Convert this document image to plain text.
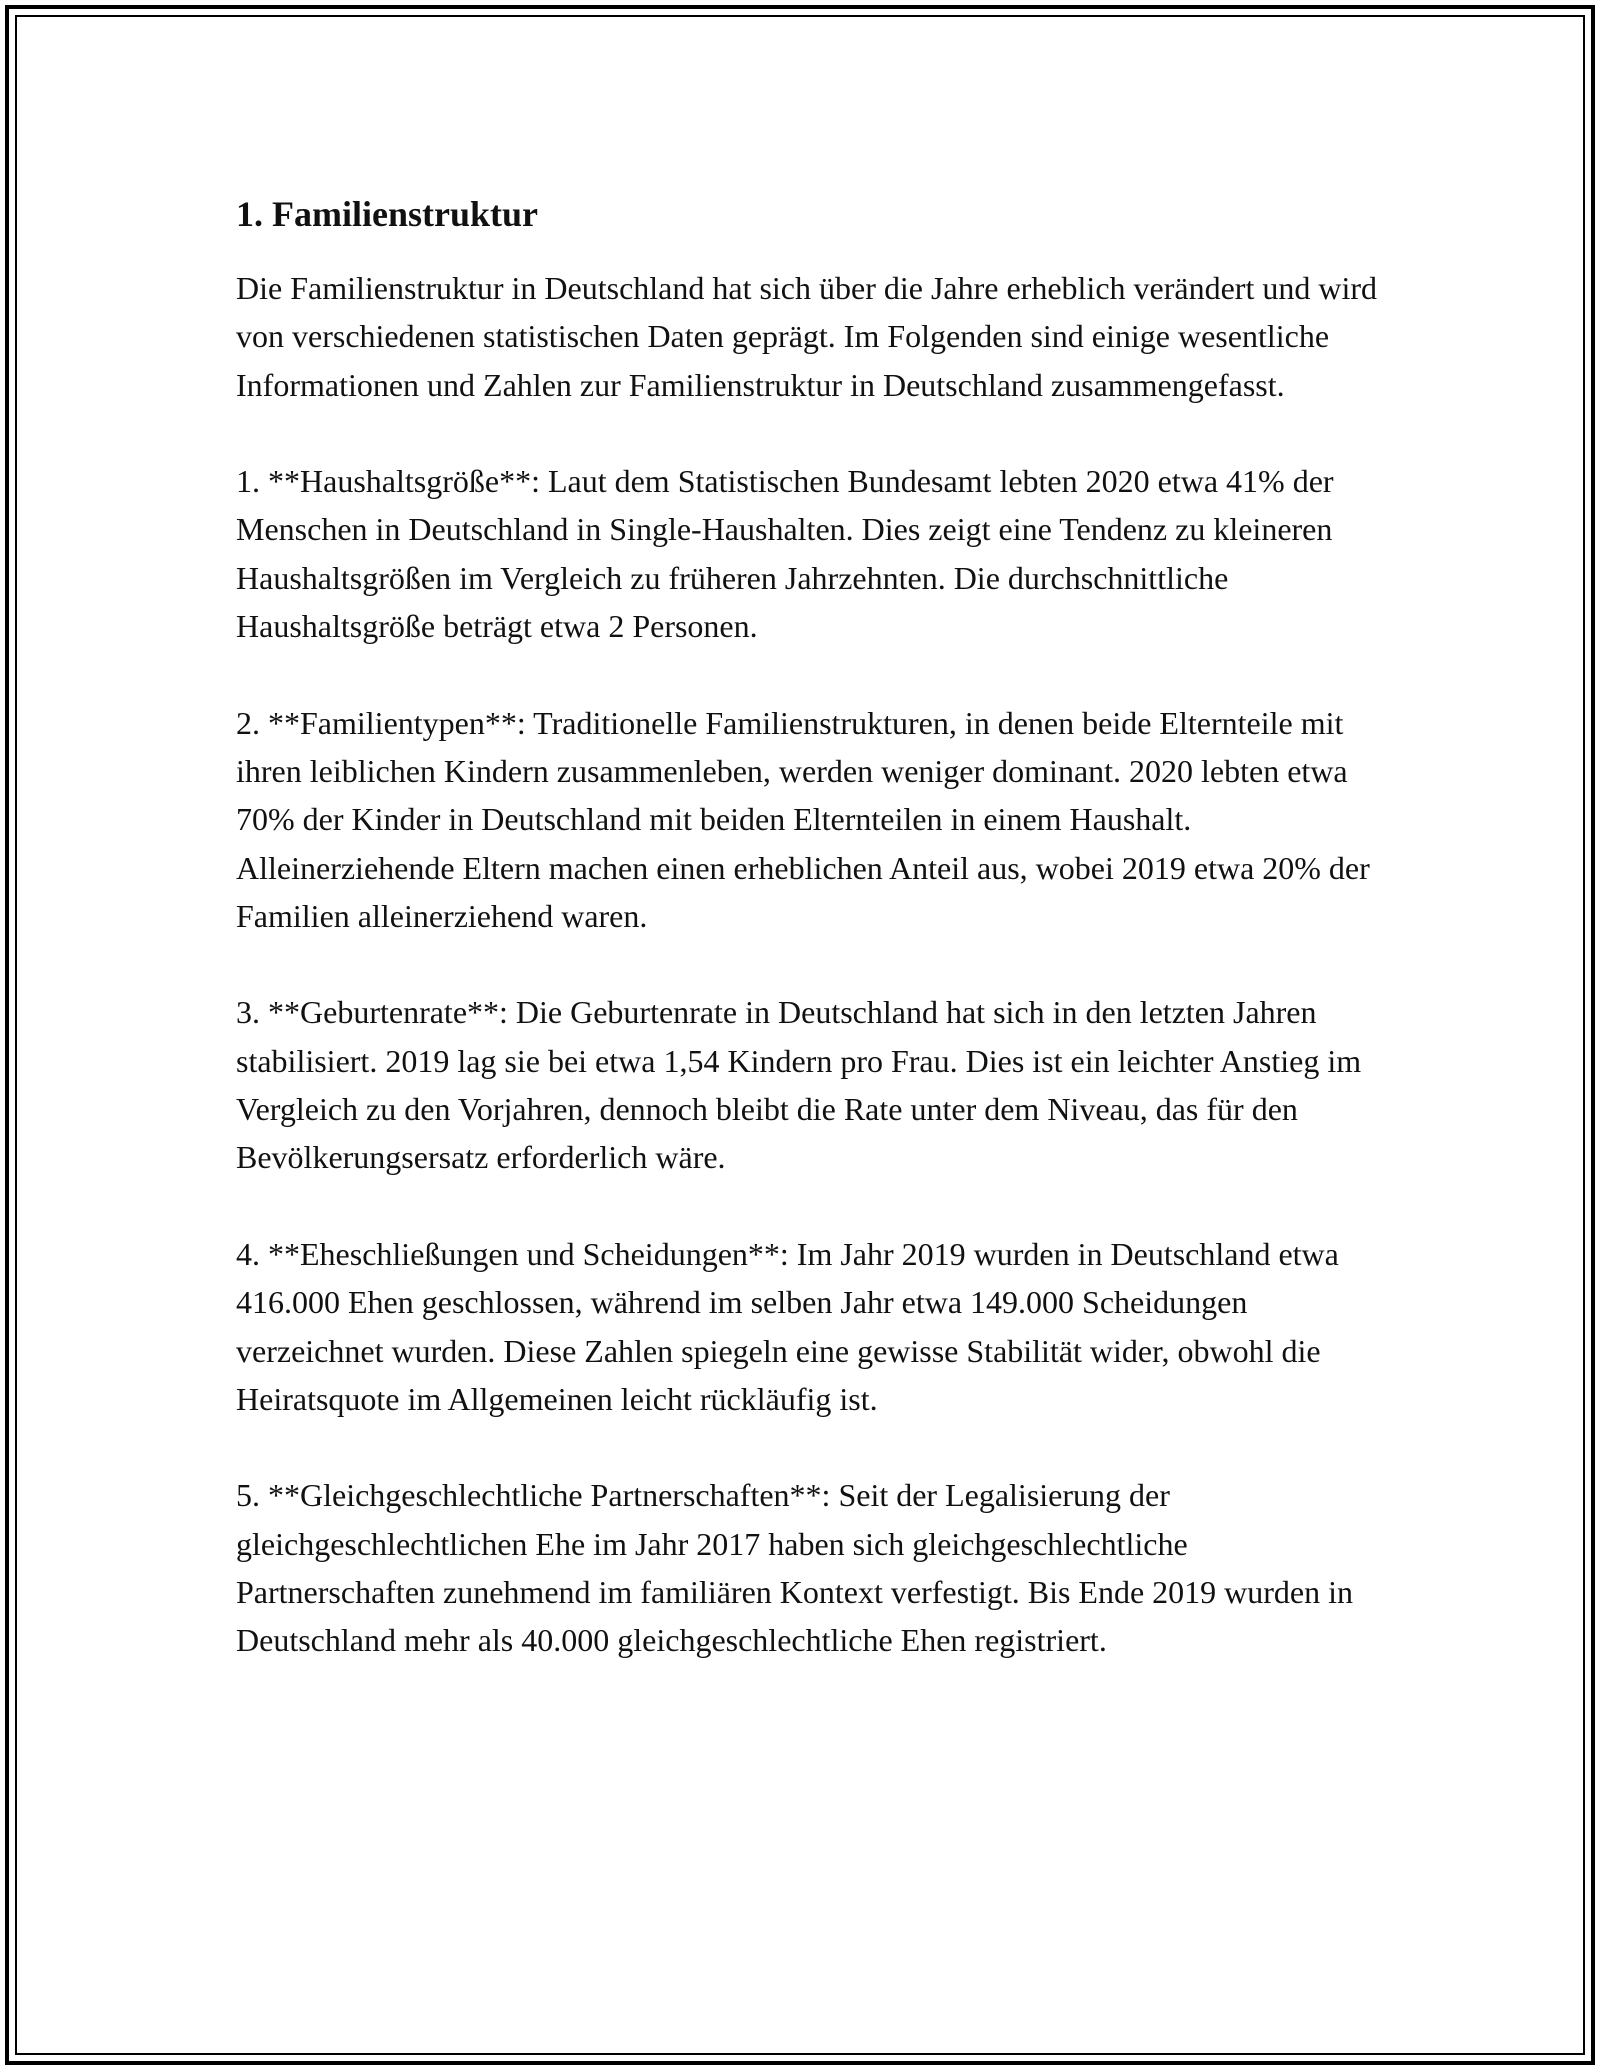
1. Familienstruktur

Die Familienstruktur in Deutschland hat sich über die Jahre erheblich verändert und wird von verschiedenen statistischen Daten geprägt. Im Folgenden sind einige wesentliche Informationen und Zahlen zur Familienstruktur in Deutschland zusammengefasst.

1. **Haushaltsgröße**: Laut dem Statistischen Bundesamt lebten 2020 etwa 41% der Menschen in Deutschland in Single-Haushalten. Dies zeigt eine Tendenz zu kleineren Haushaltsgrößen im Vergleich zu früheren Jahrzehnten. Die durchschnittliche Haushaltsgröße beträgt etwa 2 Personen.

2. **Familientypen**: Traditionelle Familienstrukturen, in denen beide Elternteile mit ihren leiblichen Kindern zusammenleben, werden weniger dominant. 2020 lebten etwa 70% der Kinder in Deutschland mit beiden Elternteilen in einem Haushalt. Alleinerziehende Eltern machen einen erheblichen Anteil aus, wobei 2019 etwa 20% der Familien alleinerziehend waren.

3. **Geburtenrate**: Die Geburtenrate in Deutschland hat sich in den letzten Jahren stabilisiert. 2019 lag sie bei etwa 1,54 Kindern pro Frau. Dies ist ein leichter Anstieg im Vergleich zu den Vorjahren, dennoch bleibt die Rate unter dem Niveau, das für den Bevölkerungsersatz erforderlich wäre.

4. **Eheschließungen und Scheidungen**: Im Jahr 2019 wurden in Deutschland etwa 416.000 Ehen geschlossen, während im selben Jahr etwa 149.000 Scheidungen verzeichnet wurden. Diese Zahlen spiegeln eine gewisse Stabilität wider, obwohl die Heiratsquote im Allgemeinen leicht rückläufig ist.

5. **Gleichgeschlechtliche Partnerschaften**: Seit der Legalisierung der gleichgeschlechtlichen Ehe im Jahr 2017 haben sich gleichgeschlechtliche Partnerschaften zunehmend im familiären Kontext verfestigt. Bis Ende 2019 wurden in Deutschland mehr als 40.000 gleichgeschlechtliche Ehen registriert.
